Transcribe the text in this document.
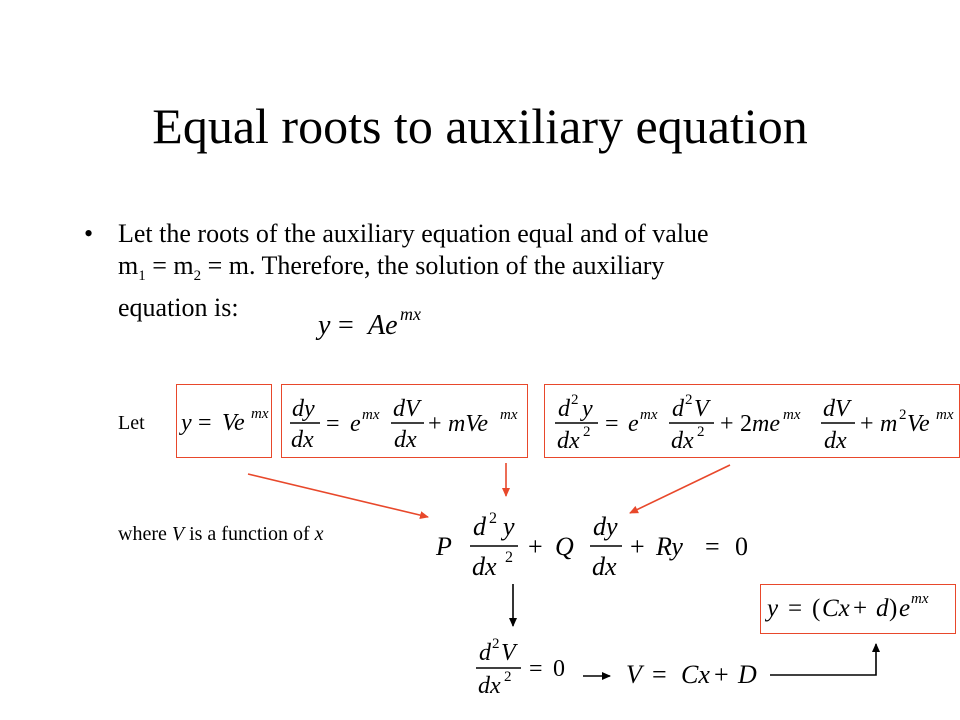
Equal roots to auxiliary equation
• Let the roots of the auxiliary equation equal and of value
$m_1 = m_2 = m$. Therefore, the solution of the auxiliary
equation is:
Let
where V is a function of x
y = Ae mx
y = Ve mx dy
dx
= e mx dV
dx
+ mVe mx d 2 y
dx 2 = e mx d 2 V
dx 2 + 2 me mx dV
dx
+ m 2 Ve mx
P
d 2 y
dx 2 + Q
dy
dx
+ Ry = 0
d 2 V
dx 2 = 0 V = Cx + D
y = ( Cx + d ) e mx
